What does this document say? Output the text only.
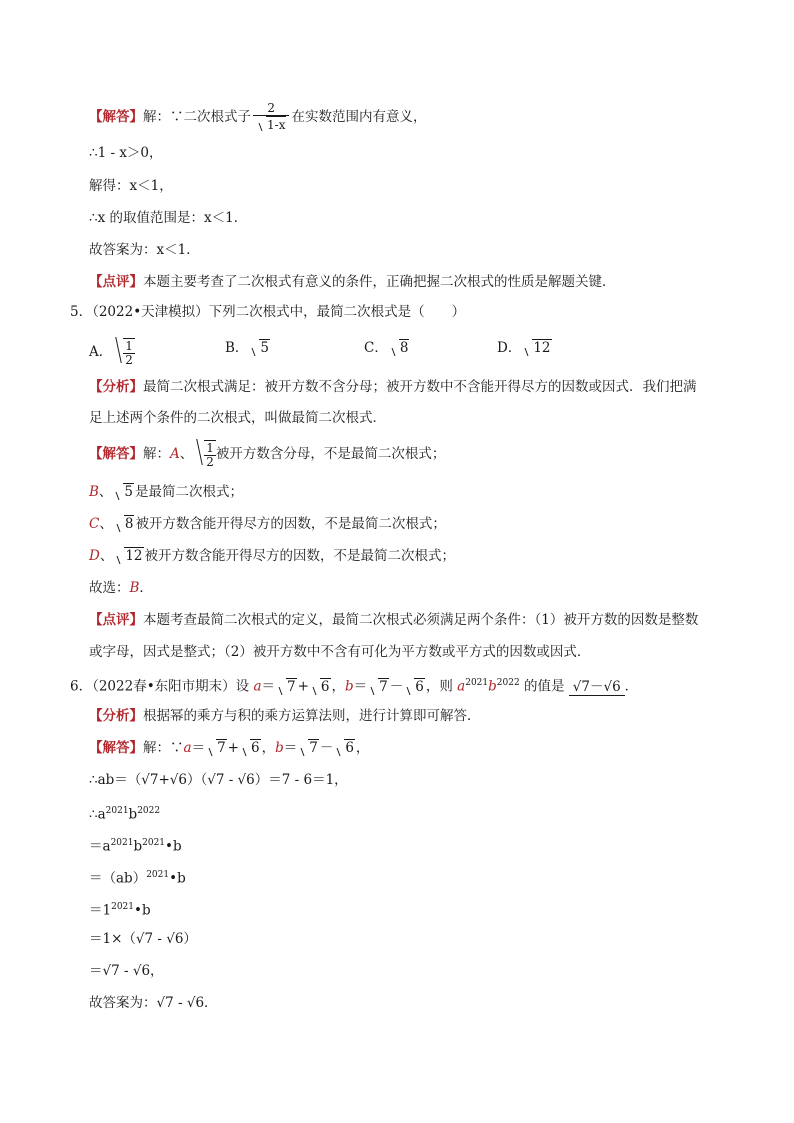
【解答】解：∵二次根式子 $\frac{2}{1-x}$ 在实数范围内有意义，
∴1 - x＞0，
解得：x＜1，
∴x 的取值范围是：x＜1．
故答案为：x＜1．
【点评】本题主要考查了二次根式有意义的条件，正确把握二次根式的性质是解题关键．
5．（2022•天津模拟）下列二次根式中，最简二次根式是（　　）
A． $\frac{1}{2}$	B． 5	C． 8	D． 12
【分析】最简二次根式满足：被开方数不含分母；被开方数中不含能开得尽方的因数或因式．我们把满
足上述两个条件的二次根式，叫做最简二次根式．
【解答】解：A、 $\frac{1}{2}$ 被开方数含分母，不是最简二次根式；
B、 5 是最简二次根式；
C、 8 被开方数含能开得尽方的因数，不是最简二次根式；
D、 12 被开方数含能开得尽方的因数，不是最简二次根式；
故选：B．
【点评】本题考查最简二次根式的定义，最简二次根式必须满足两个条件：（1）被开方数的因数是整数
或字母，因式是整式；（2）被开方数中不含有可化为平方数或平方式的因数或因式．
6．（2022春•东阳市期末）设 a＝ 7 + 6 ，b＝ 7 － 6 ，则 $a^{2021}b^{2022}$ 的值是 √7－√6 ．
【分析】根据幂的乘方与积的乘方运算法则，进行计算即可解答．
【解答】解：∵a＝ 7 + 6 ，b＝ 7 － 6 ，
∴ab＝（√7+√6）（√7 - √6）＝7 - 6＝1，
$\therefore a^{2021}b^{2022}$
$=a^{2021}b^{2021}•b$
＝（ab）$^{2021}$•b
$=1^{2021}•b$
＝1×（√7 - √6）
＝√7 - √6，
故答案为：√7 - √6．
